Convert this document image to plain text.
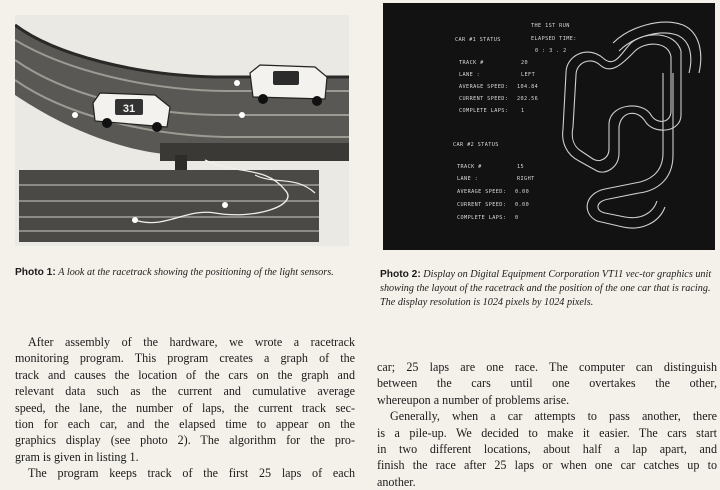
31
THE 1ST RUN
ELAPSED TIME:
0 : 3 . 2
CAR #1 STATUS
TRACK #	20
LANE :	LEFT
AVERAGE SPEED: 104.84
CURRENT SPEED: 202.56
COMPLETE LAPS: 1
CAR #2 STATUS
TRACK #	15
LANE :	RIGHT
AVERAGE SPEED: 0.00
CURRENT SPEED: 0.00
COMPLETE LAPS: 0
Photo 1: A look at the racetrack showing the positioning of the light sensors.	Photo 2: Display on Digital Equipment Corporation VT11 vec-tor graphics unit showing the layout of the racetrack and the position of the one car that is racing. The display resolution is 1024 pixels by 1024 pixels.
After assembly of the hardware, we wrote a racetrack
monitoring program. This program creates a graph of the
track and causes the location of the cars on the graph and
relevant data such as the current and cumulative average
speed, the lane, the number of laps, the current track sec-
tion for each car, and the elapsed time to appear on the
graphics display (see photo 2). The algorithm for the pro-
gram is given in listing 1.
The program keeps track of the first 25 laps of each
car; 25 laps are one race. The computer can distinguish
between the cars until one overtakes the other,
whereupon a number of problems arise.
Generally, when a car attempts to pass another, there
is a pile-up. We decided to make it easier. The cars start
in two different locations, about half a lap apart, and
finish the race after 25 laps or when one car catches up to
another.
